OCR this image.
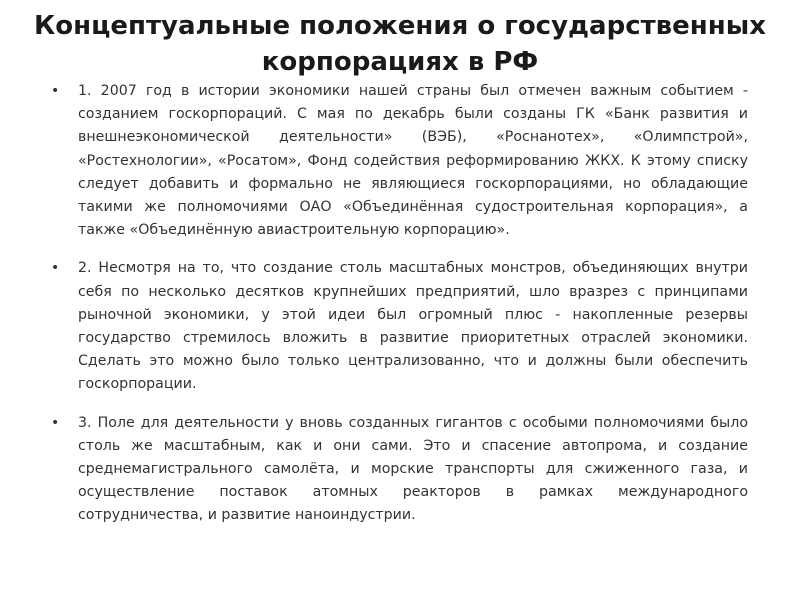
Концептуальные положения о государственных корпорациях в РФ
• 1. 2007 год в истории экономики нашей страны был отмечен важным событием - созданием госкорпораций. С мая по декабрь были созданы ГК «Банк развития и внешнеэкономической деятельности» (ВЭБ), «Роснанотех», «Олимпстрой», «Ростехнологии», «Росатом», Фонд содействия реформированию ЖКХ. К этому списку следует добавить и формально не являющиеся госкорпорациями, но обладающие такими же полномочиями ОАО «Объединённая судостроительная корпорация», а также «Объединённую авиастроительную корпорацию».
• 2. Несмотря на то, что создание столь масштабных монстров, объединяющих внутри себя по несколько десятков крупнейших предприятий, шло вразрез с принципами рыночной экономики, у этой идеи был огромный плюс - накопленные резервы государство стремилось вложить в развитие приоритетных отраслей экономики. Сделать это можно было только централизованно, что и должны были обеспечить госкорпорации.
• 3. Поле для деятельности у вновь созданных гигантов с особыми полномочиями было столь же масштабным, как и они сами. Это и спасение автопрома, и создание среднемагистрального самолёта, и морские транспорты для сжиженного газа, и осуществление поставок атомных реакторов в рамках международного сотрудничества, и развитие наноиндустрии.
